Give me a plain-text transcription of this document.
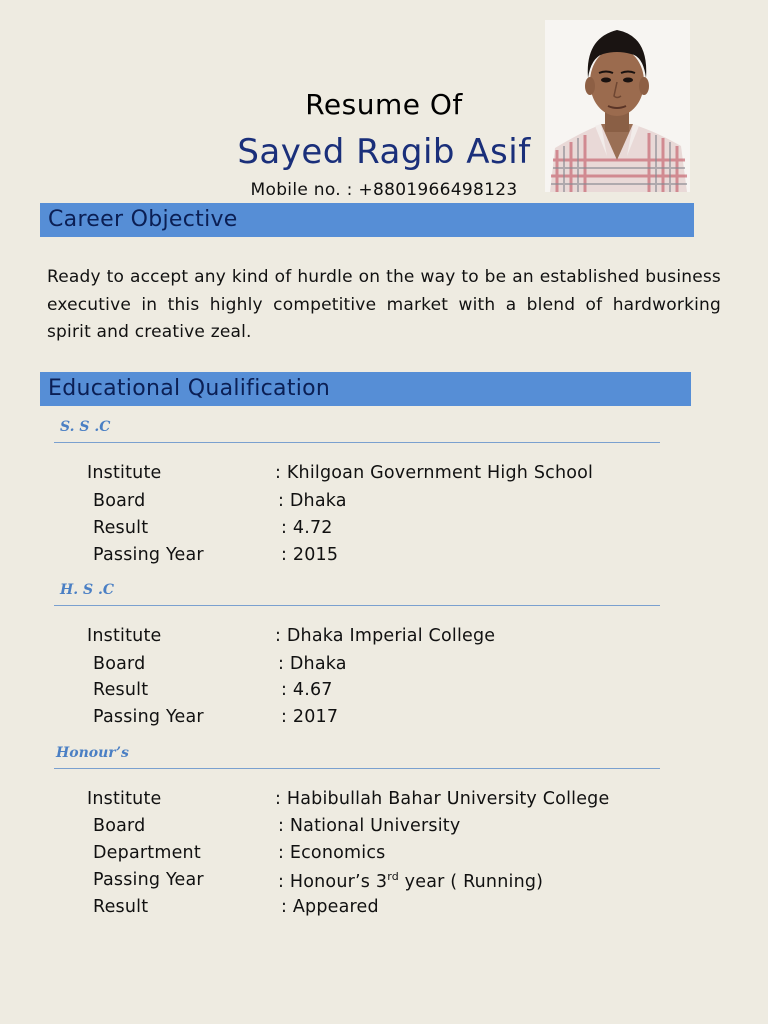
Resume Of
Sayed Ragib Asif
Mobile no. : +8801966498123
Career Objective
Ready to accept any kind of hurdle on the way to be an established business executive in this highly competitive market with a blend of hardworking spirit and creative zeal.
Educational Qualification
S. S .C
Institute	: Khilgoan Government High School
Board	: Dhaka
Result	: 4.72
Passing Year	: 2015
H. S .C
Institute	: Dhaka Imperial College
Board	: Dhaka
Result	: 4.67
Passing Year	: 2017
Honour’s
Institute	: Habibullah Bahar University College
Board	: National University
Department	: Economics
Passing Year	: Honour’s 3rd year ( Running)
Result	: Appeared
